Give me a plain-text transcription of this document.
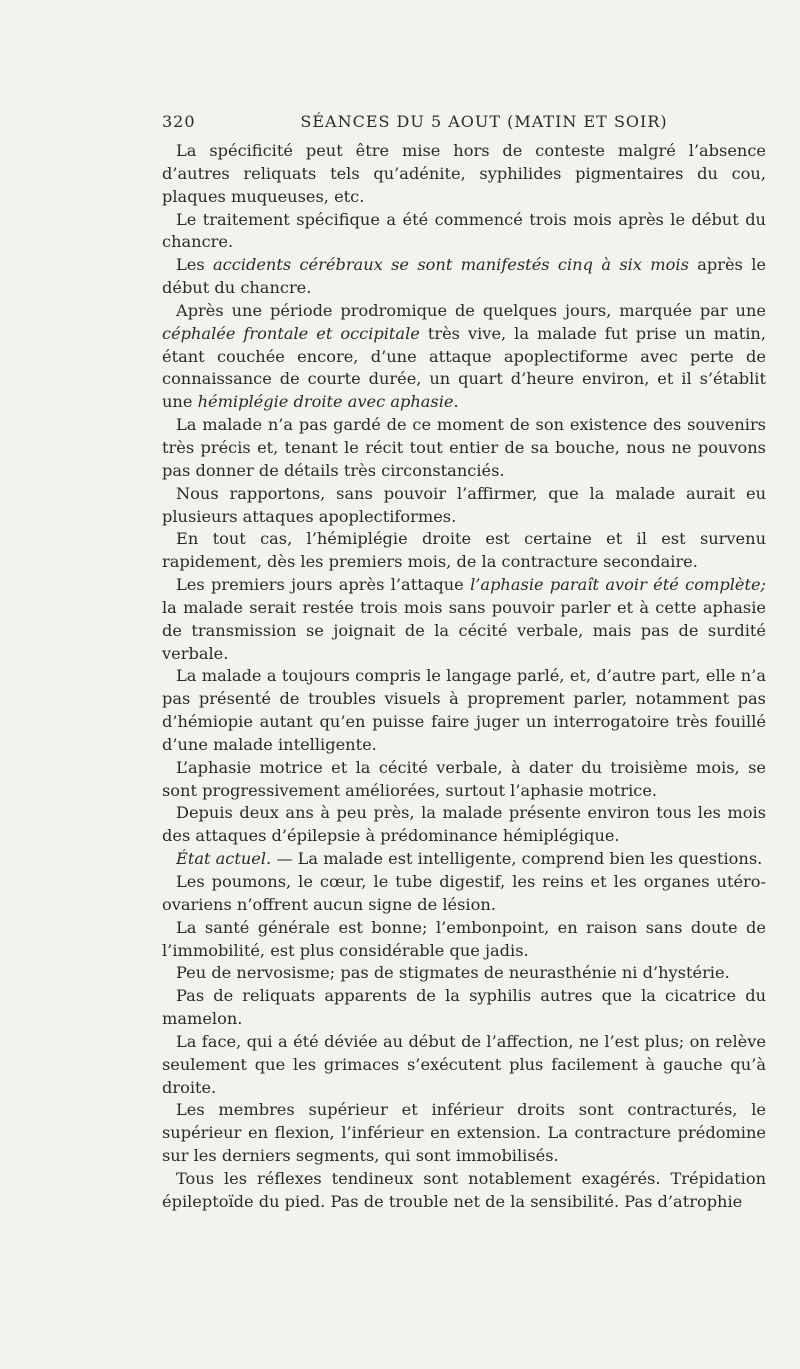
320	SÉANCES DU 5 AOUT (MATIN ET SOIR)

La spécificité peut être mise hors de conteste malgré l’absence d’autres reliquats tels qu’adénite, syphilides pigmentaires du cou, plaques muqueuses, etc.

Le traitement spécifique a été commencé trois mois après le début du chancre.

Les accidents cérébraux se sont manifestés cinq à six mois après le début du chancre.

Après une période prodromique de quelques jours, marquée par une céphalée frontale et occipitale très vive, la malade fut prise un matin, étant couchée encore, d’une attaque apoplectiforme avec perte de connaissance de courte durée, un quart d’heure environ, et il s’établit une hémiplégie droite avec aphasie.

La malade n’a pas gardé de ce moment de son existence des souvenirs très précis et, tenant le récit tout entier de sa bouche, nous ne pouvons pas donner de détails très circonstanciés.

Nous rapportons, sans pouvoir l’affirmer, que la malade aurait eu plusieurs attaques apoplectiformes.

En tout cas, l’hémiplégie droite est certaine et il est survenu rapidement, dès les premiers mois, de la contracture secondaire.

Les premiers jours après l’attaque l’aphasie paraît avoir été complète; la malade serait restée trois mois sans pouvoir parler et à cette aphasie de transmission se joignait de la cécité verbale, mais pas de surdité verbale.

La malade a toujours compris le langage parlé, et, d’autre part, elle n’a pas présenté de troubles visuels à proprement parler, notamment pas d’hémiopie autant qu’en puisse faire juger un interrogatoire très fouillé d’une malade intelligente.

L’aphasie motrice et la cécité verbale, à dater du troisième mois, se sont progressivement améliorées, surtout l’aphasie motrice.

Depuis deux ans à peu près, la malade présente environ tous les mois des attaques d’épilepsie à prédominance hémiplégique.

État actuel. — La malade est intelligente, comprend bien les questions.

Les poumons, le cœur, le tube digestif, les reins et les organes utéro-ovariens n’offrent aucun signe de lésion.

La santé générale est bonne; l’embonpoint, en raison sans doute de l’immobilité, est plus considérable que jadis.

Peu de nervosisme; pas de stigmates de neurasthénie ni d’hystérie.

Pas de reliquats apparents de la syphilis autres que la cicatrice du mamelon.

La face, qui a été déviée au début de l’affection, ne l’est plus; on relève seulement que les grimaces s’exécutent plus facilement à gauche qu’à droite.

Les membres supérieur et inférieur droits sont contracturés, le supérieur en flexion, l’inférieur en extension. La contracture prédomine sur les derniers segments, qui sont immobilisés.

Tous les réflexes tendineux sont notablement exagérés. Trépidation épileptoïde du pied. Pas de trouble net de la sensibilité. Pas d’atrophie
